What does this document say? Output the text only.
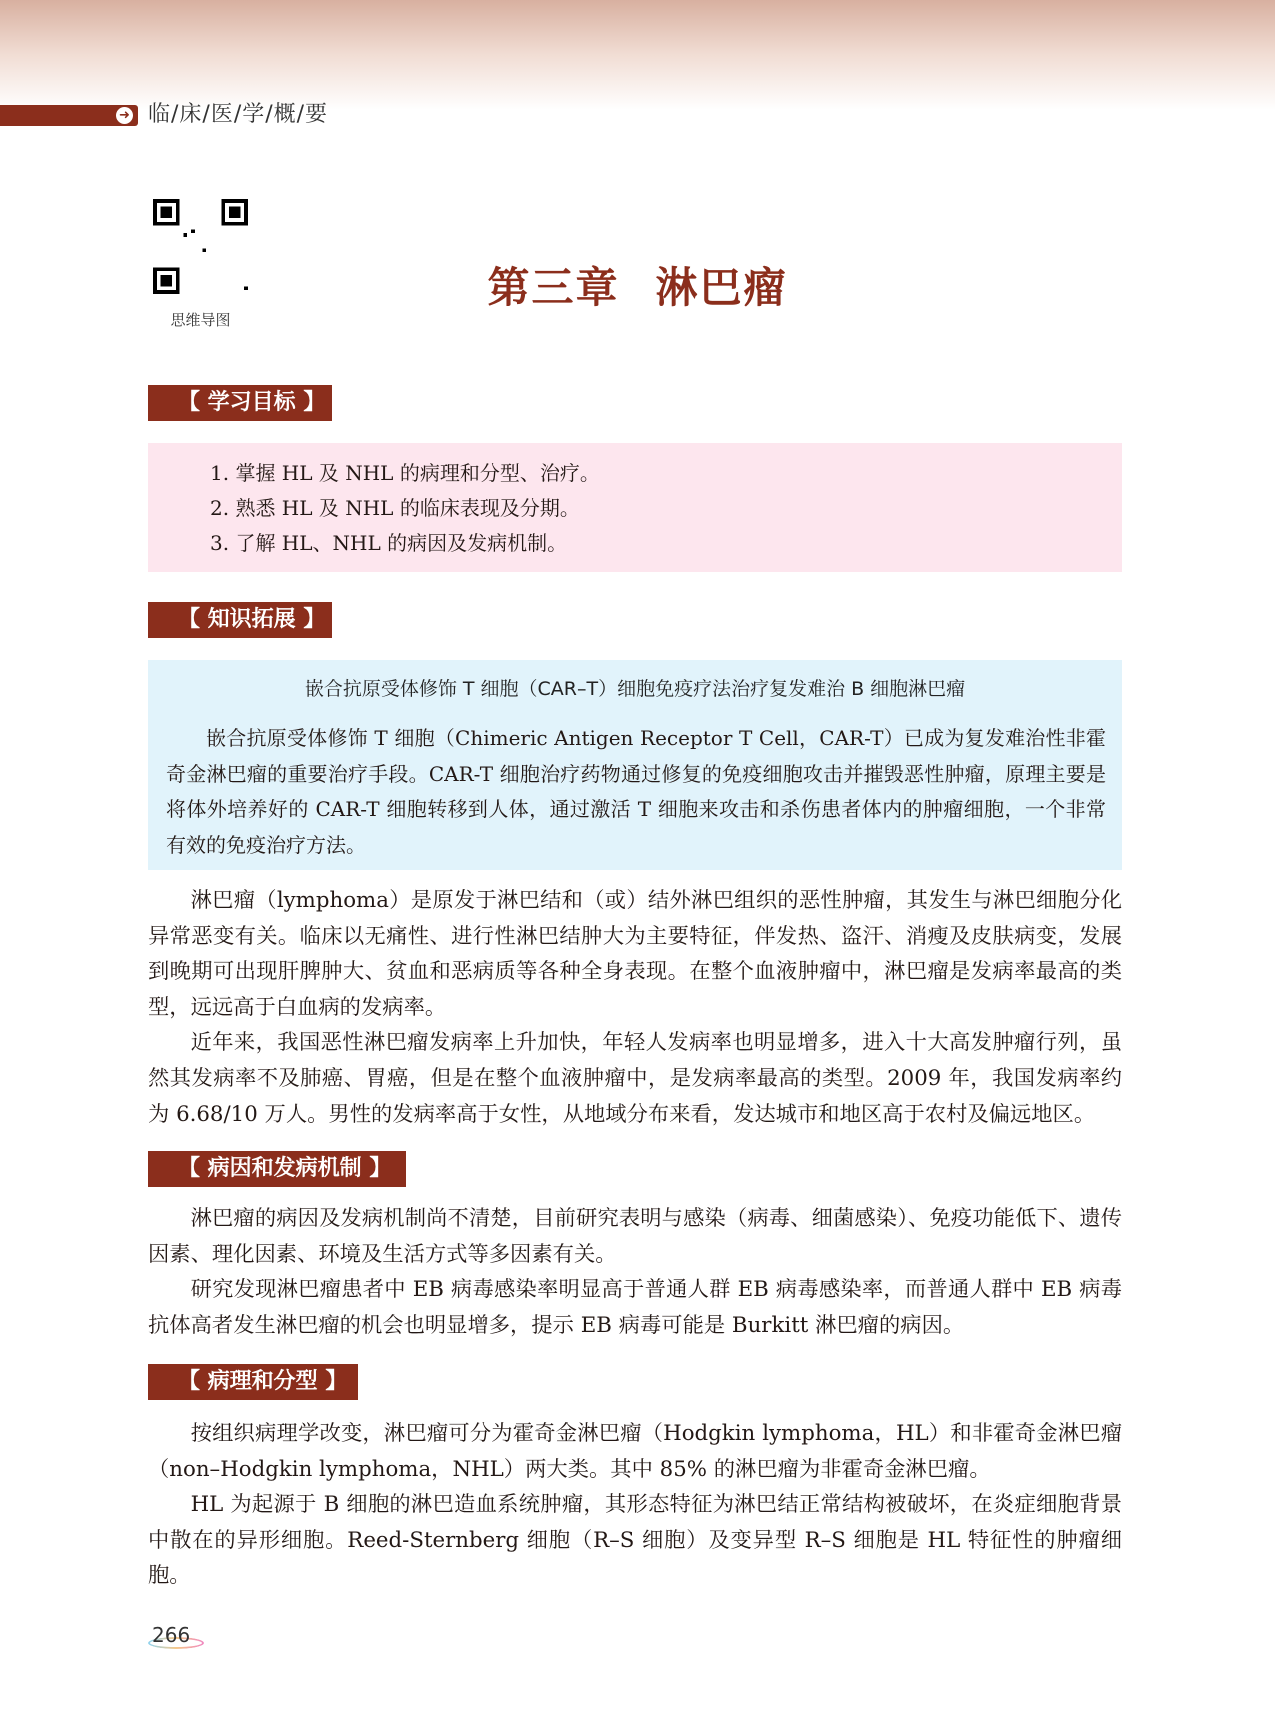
➜ 临/床/医/学/概/要
思维导图
第三章 淋巴瘤
【 学习目标 】
1. 掌握 HL 及 NHL 的病理和分型、治疗。
2. 熟悉 HL 及 NHL 的临床表现及分期。
3. 了解 HL、NHL 的病因及发病机制。
【 知识拓展 】
嵌合抗原受体修饰 T 细胞（CAR–T）细胞免疫疗法治疗复发难治 B 细胞淋巴瘤

嵌合抗原受体修饰 T 细胞（Chimeric Antigen Receptor T Cell，CAR-T）已成为复发难治性非霍奇金淋巴瘤的重要治疗手段。CAR-T 细胞治疗药物通过修复的免疫细胞攻击并摧毁恶性肿瘤，原理主要是将体外培养好的 CAR-T 细胞转移到人体，通过激活 T 细胞来攻击和杀伤患者体内的肿瘤细胞，一个非常有效的免疫治疗方法。

淋巴瘤（lymphoma）是原发于淋巴结和（或）结外淋巴组织的恶性肿瘤，其发生与淋巴细胞分化异常恶变有关。临床以无痛性、进行性淋巴结肿大为主要特征，伴发热、盗汗、消瘦及皮肤病变，发展到晚期可出现肝脾肿大、贫血和恶病质等各种全身表现。在整个血液肿瘤中，淋巴瘤是发病率最高的类型，远远高于白血病的发病率。

近年来，我国恶性淋巴瘤发病率上升加快，年轻人发病率也明显增多，进入十大高发肿瘤行列，虽然其发病率不及肺癌、胃癌，但是在整个血液肿瘤中，是发病率最高的类型。2009 年，我国发病率约为 6.68/10 万人。男性的发病率高于女性，从地域分布来看，发达城市和地区高于农村及偏远地区。

【 病因和发病机制 】

淋巴瘤的病因及发病机制尚不清楚，目前研究表明与感染（病毒、细菌感染）、免疫功能低下、遗传因素、理化因素、环境及生活方式等多因素有关。

研究发现淋巴瘤患者中 EB 病毒感染率明显高于普通人群 EB 病毒感染率，而普通人群中 EB 病毒抗体高者发生淋巴瘤的机会也明显增多，提示 EB 病毒可能是 Burkitt 淋巴瘤的病因。

【 病理和分型 】

按组织病理学改变，淋巴瘤可分为霍奇金淋巴瘤（Hodgkin lymphoma，HL）和非霍奇金淋巴瘤（non–Hodgkin lymphoma，NHL）两大类。其中 85% 的淋巴瘤为非霍奇金淋巴瘤。

HL 为起源于 B 细胞的淋巴造血系统肿瘤，其形态特征为淋巴结正常结构被破坏，在炎症细胞背景中散在的异形细胞。Reed-Sternberg 细胞（R–S 细胞）及变异型 R–S 细胞是 HL 特征性的肿瘤细胞。

266
